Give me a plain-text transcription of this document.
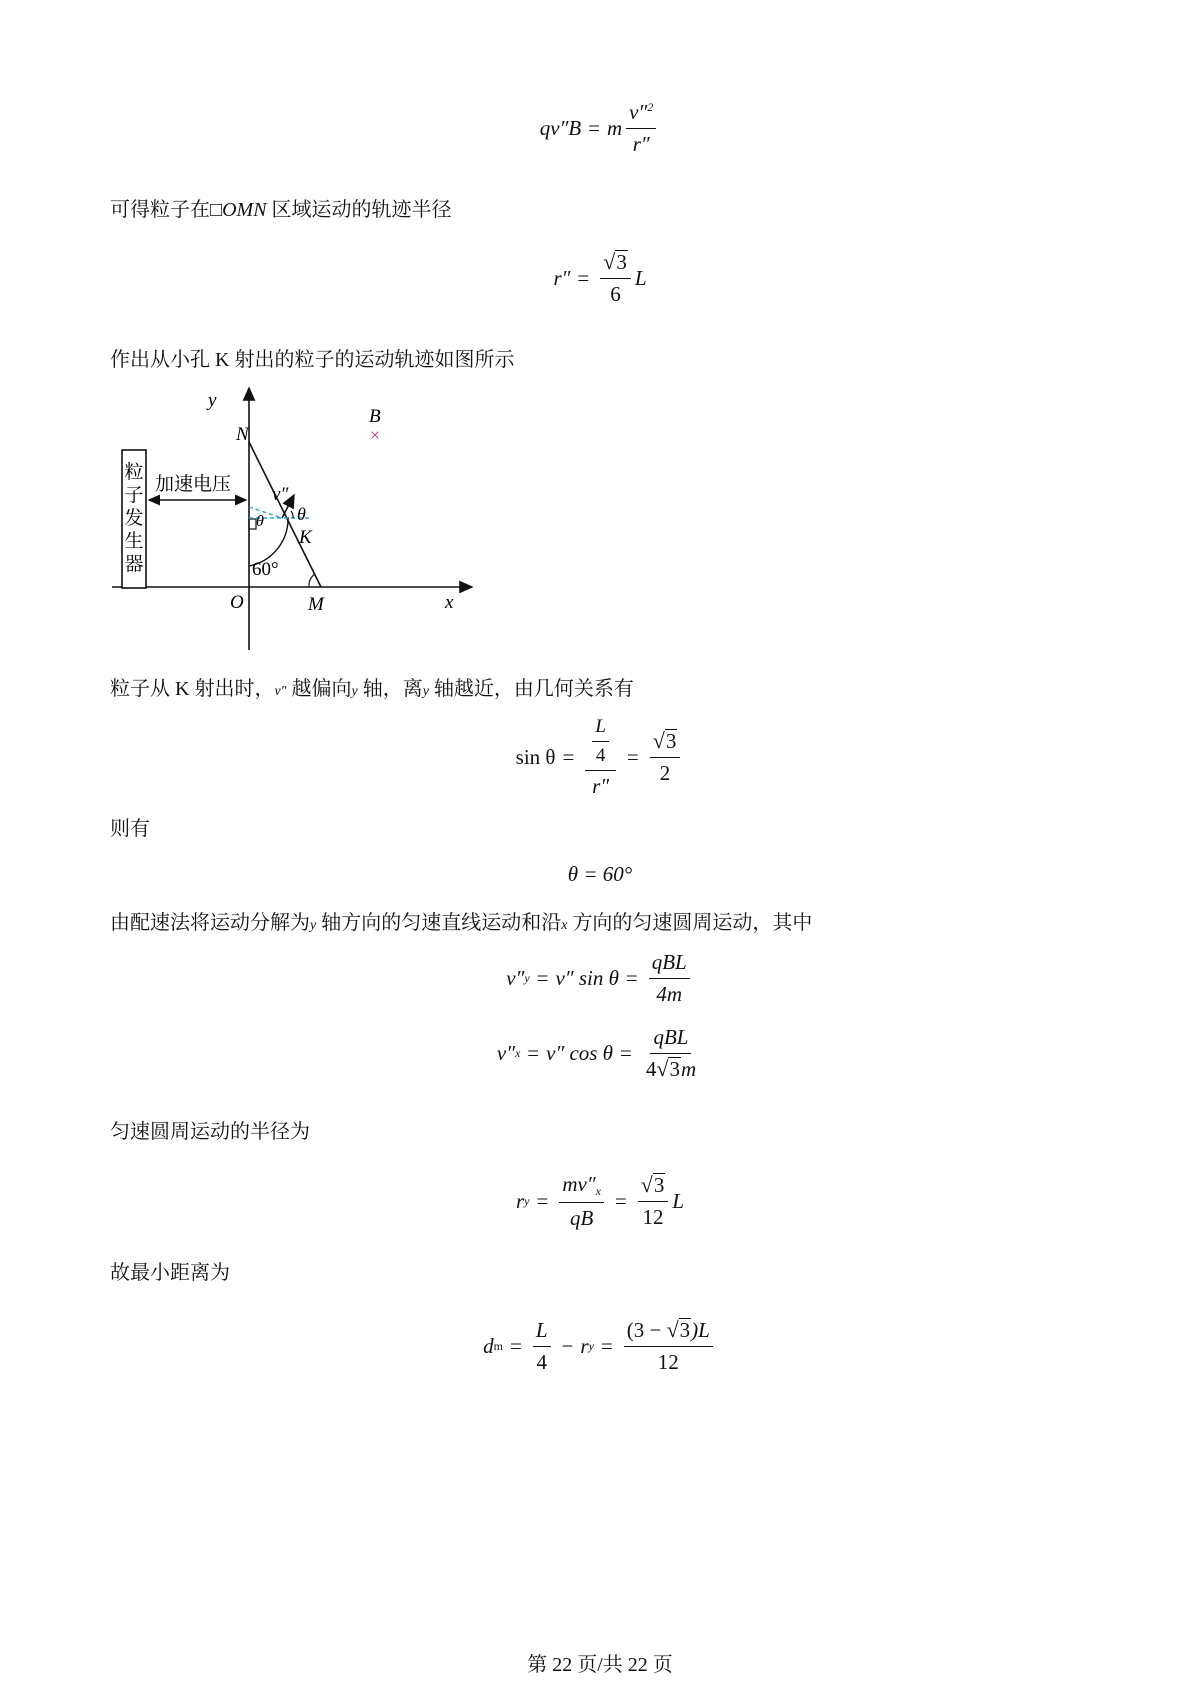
qv″B = m $\frac{v''^2}{r''}$
可得粒子在□OMN 区域运动的轨迹半径
$r'' = \frac{√ 3}{6}$ L
作出从小孔 K 射出的粒子的运动轨迹如图所示
粒
子
发
生
器
加速电压
y
N
v″
θ
θ
K
60°
O	M	x
B
×
粒子从 K 射出时，v″ 越偏向y 轴，离y 轴越近，由几何关系有
$\sin \theta = \frac{\frac{L}{4}}{r''} = \frac{√ 3}{2}$
则有
θ = 60°
由配速法将运动分解为y 轴方向的匀速直线运动和沿x 方向的匀速圆周运动，其中
v″ y = v″ $\sin \theta = \frac{\text{qBL}}{4m}$
v″ x = v″ $\cos \theta = \frac{\text{qBL}}{4 √ 3 m}$
匀速圆周运动的半径为
r $y = \frac{mv''_x}{qB} = \frac{√ 3}{12}$ L
故最小距离为
d $m = \frac{L}{4} - r$ $y = \frac{(3 - √ 3 )L}{12}$
第 22 页/共 22 页
